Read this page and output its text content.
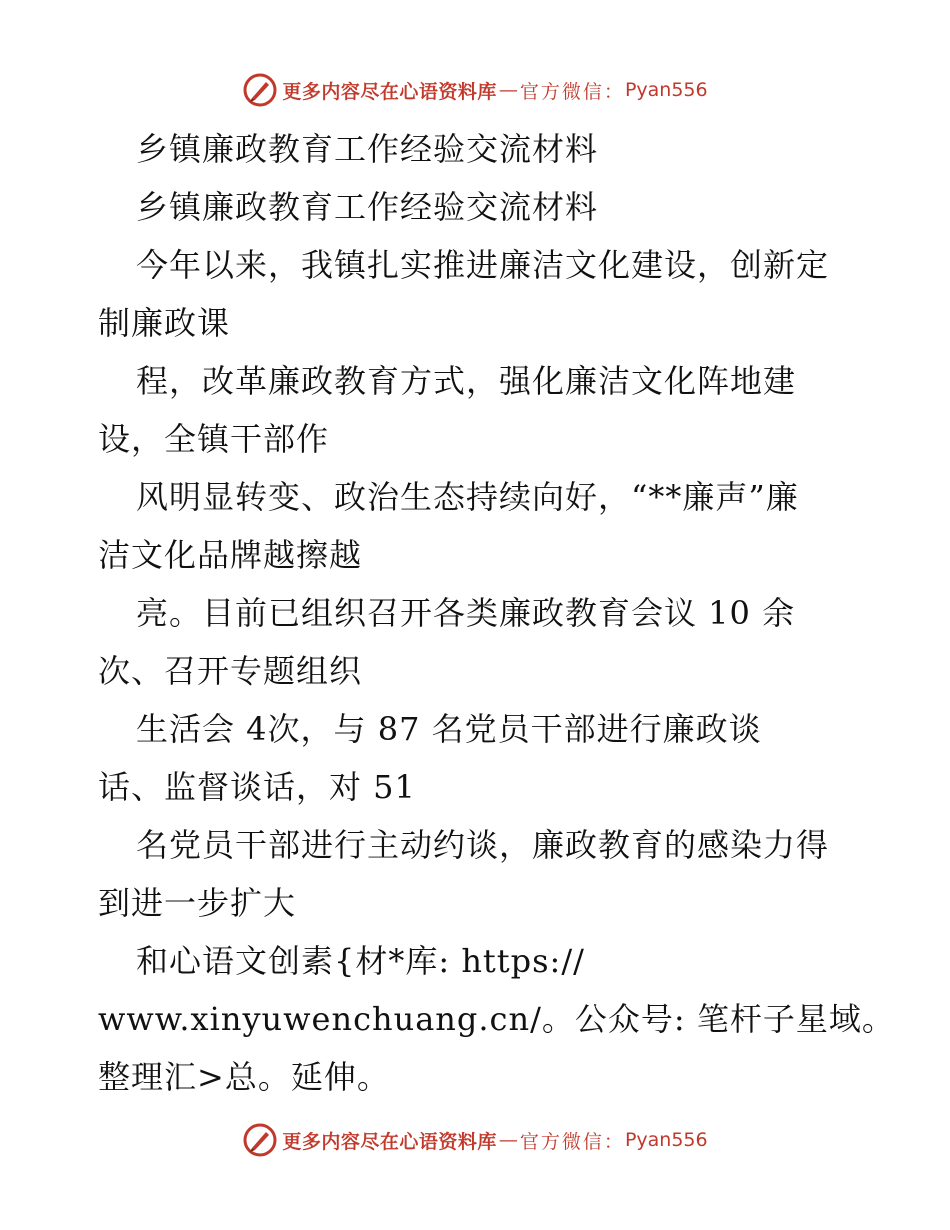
更多内容尽在心语资料库 — 官方微信： Pyan556
乡镇廉政教育工作经验交流材料
乡镇廉政教育工作经验交流材料
今年以来，我镇扎实推进廉洁文化建设，创新定
制廉政课
程，改革廉政教育方式，强化廉洁文化阵地建
设，全镇干部作
风明显转变、政治生态持续向好，“**廉声”廉
洁文化品牌越擦越
亮。目前已组织召开各类廉政教育会议 10 余
次、召开专题组织
生活会 4次，与 87 名党员干部进行廉政谈
话、监督谈话，对 51
名党员干部进行主动约谈，廉政教育的感染力得
到进一步扩大
和心语文创素{材*库: https://
www.xinyuwenchuang.cn/。公众号: 笔杆子星域。
整理汇>总。延伸。
更多内容尽在心语资料库 — 官方微信： Pyan556
